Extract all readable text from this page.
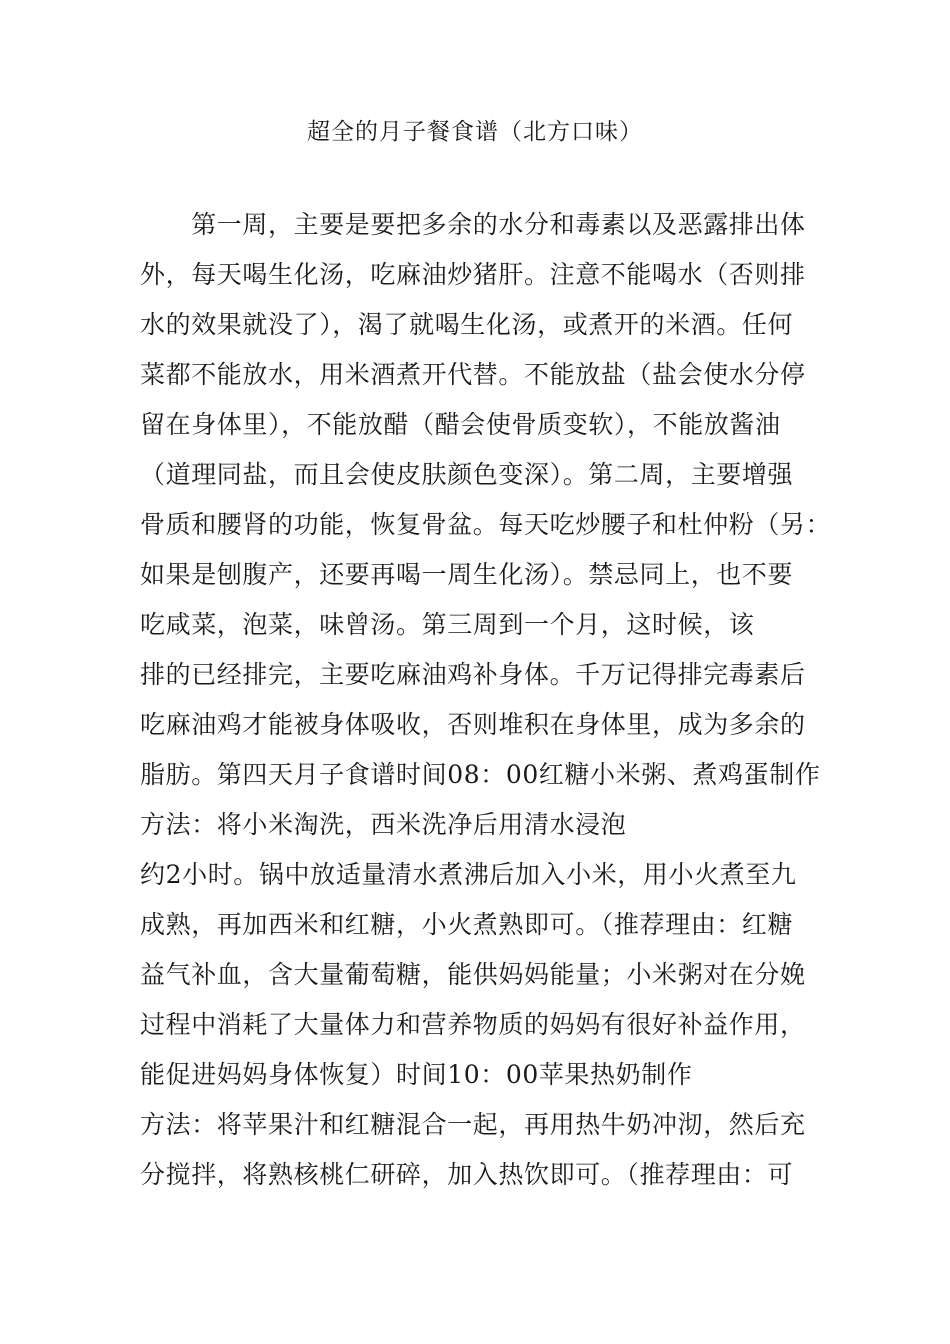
超全的月子餐食谱（北方口味）
　　第一周，主要是要把多余的水分和毒素以及恶露排出体
外，每天喝生化汤，吃麻油炒猪肝。注意不能喝水（否则排
水的效果就没了），渴了就喝生化汤，或煮开的米酒。任何
菜都不能放水，用米酒煮开代替。不能放盐（盐会使水分停
留在身体里），不能放醋（醋会使骨质变软），不能放酱油
（道理同盐，而且会使皮肤颜色变深）。第二周，主要增强
骨质和腰肾的功能，恢复骨盆。每天吃炒腰子和杜仲粉（另：
如果是刨腹产，还要再喝一周生化汤）。禁忌同上，也不要
吃咸菜，泡菜，味曾汤。第三周到一个月，这时候，该
排的已经排完，主要吃麻油鸡补身体。千万记得排完毒素后
吃麻油鸡才能被身体吸收，否则堆积在身体里，成为多余的
脂肪。第四天月子食谱时间08：00红糖小米粥、煮鸡蛋制作
方法：将小米淘洗，西米洗净后用清水浸泡
约2小时。锅中放适量清水煮沸后加入小米，用小火煮至九
成熟，再加西米和红糖，小火煮熟即可。（推荐理由：红糖
益气补血，含大量葡萄糖，能供妈妈能量；小米粥对在分娩
过程中消耗了大量体力和营养物质的妈妈有很好补益作用，
能促进妈妈身体恢复）时间10：00苹果热奶制作
方法：将苹果汁和红糖混合一起，再用热牛奶冲沏，然后充
分搅拌，将熟核桃仁研碎，加入热饮即可。（推荐理由：可
